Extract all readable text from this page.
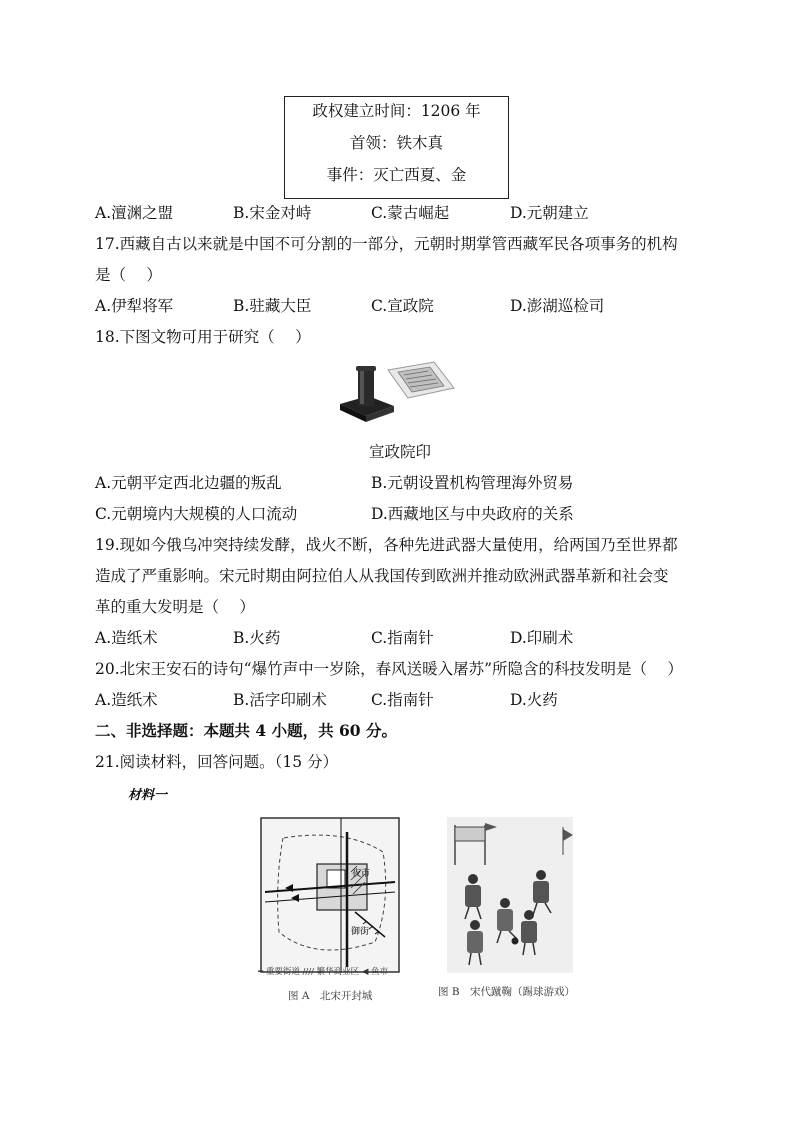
政权建立时间：1206 年
首领：铁木真
事件：灭亡西夏、金
A.澶渊之盟	B.宋金对峙	C.蒙古崛起	D.元朝建立
17.西藏自古以来就是中国不可分割的一部分，元朝时期掌管西藏军民各项事务的机构
是（　 ）
A.伊犁将军	B.驻藏大臣	C.宣政院	D.澎湖巡检司
18.下图文物可用于研究（　 ）
宣政院印
A.元朝平定西北边疆的叛乱	B.元朝设置机构管理海外贸易
C.元朝境内大规模的人口流动	D.西藏地区与中央政府的关系
19.现如今俄乌冲突持续发酵，战火不断，各种先进武器大量使用，给两国乃至世界都
造成了严重影响。宋元时期由阿拉伯人从我国传到欧洲并推动欧洲武器革新和社会变
革的重大发明是（　 ）
A.造纸术	B.火药	C.指南针	D.印刷术
20.北宋王安石的诗句“爆竹声中一岁除，春风送暖入屠苏”所隐含的科技发明是（　 ）
A.造纸术	B.活字印刷术	C.指南针	D.火药
二、非选择题：本题共 4 小题，共 60 分。
21.阅读材料，回答问题。（15 分）
材料一
夜市
御街
━ 重要街道 //// 繁华商业区 ◀ 鱼市
图 A　北宋开封城	图 B　宋代蹴鞠（踢球游戏）
